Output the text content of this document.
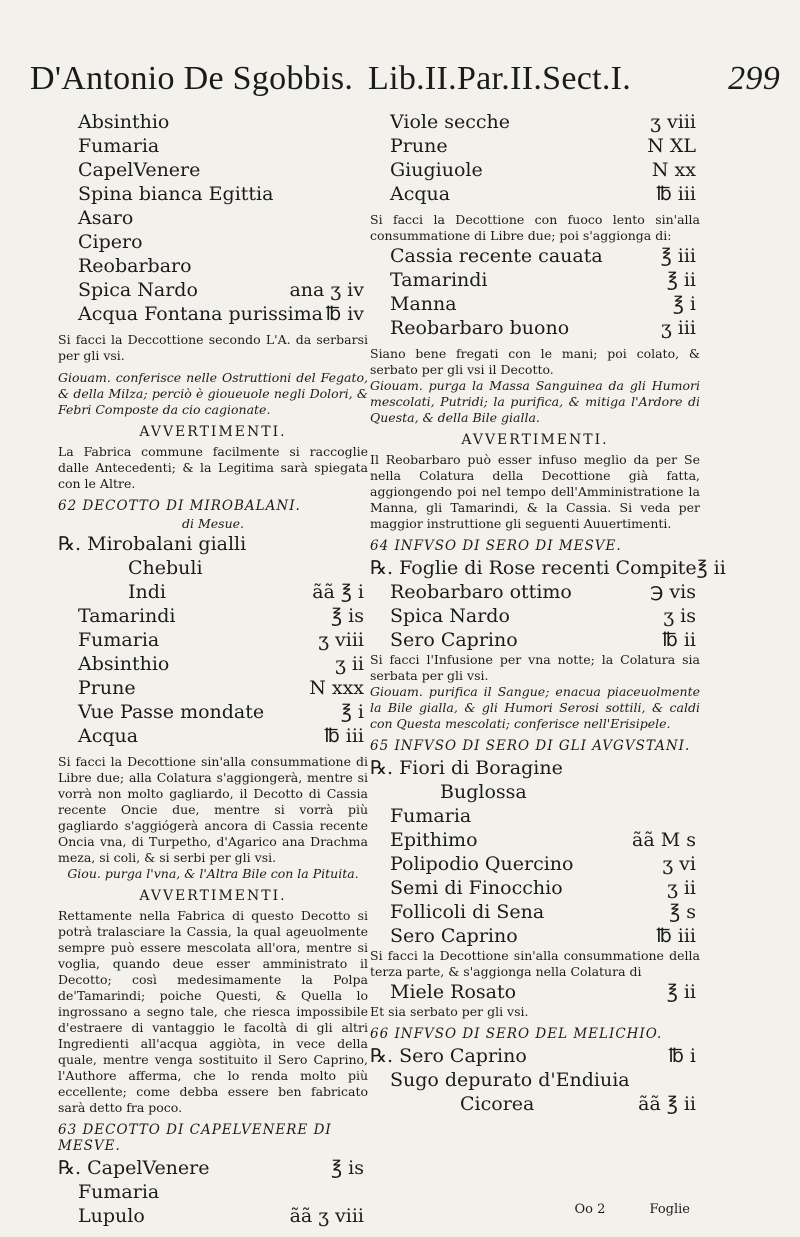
D'Antonio De Sgobbis. Lib.II.Par.II.Sect.I.	299
Absinthio
Fumaria
CapelVenere
Spina bianca Egittia
Asaro
Cipero
Reobarbaro
Spica Nardo	ana ʒ iv
Acqua Fontana purissima ℔ iv
Si facci la Deccottione secondo L'A. da serbarsi per gli vsi.
Giouam. conferisce nelle Ostruttioni del Fegato, & della Milza; perciò è gioueuole negli Dolori, & Febri Composte da cio cagionate.
AVVERTIMENTI.
La Fabrica commune facilmente si raccoglie dalle Antecedenti; & la Legitima sarà spiegata con le Altre.
62 DECOTTO DI MIROBALANI.
di Mesue.
℞. Mirobalani gialli
Chebuli
Indi	ãã ℥ i
Tamarindi	℥ is
Fumaria	ʒ viii
Absinthio	ʒ ii
Prune	N xxx
Vue Passe mondate	℥ i
Acqua	℔ iii
Si facci la Decottione sin'alla consummatione di Libre due; alla Colatura s'aggiongerà, mentre si vorrà non molto gagliardo, il Decotto di Cassia recente Oncie due, mentre si vorrà più gagliardo s'aggiógerà ancora di Cassia recente Oncia vna, di Turpetho, d'Agarico ana Drachma meza, si coli, & si serbi per gli vsi.
Giou. purga l'vna, & l'Altra Bile con la Pituita.
AVVERTIMENTI.
Rettamente nella Fabrica di questo Decotto si potrà tralasciare la Cassia, la qual ageuolmente sempre può essere mescolata all'ora, mentre si voglia, quando deue esser amministrato il Decotto; così medesimamente la Polpa de'Tamarindi; poiche Questi, & Quella lo ingrossano a segno tale, che riesca impossibile d'estraere di vantaggio le facoltà di gli altri Ingredienti all'acqua aggiòta, in vece della quale, mentre venga sostituito il Sero Caprino, l'Authore afferma, che lo renda molto più eccellente; come debba essere ben fabricato sarà detto fra poco.
63 DECOTTO DI CAPELVENERE DI MESVE.
℞. CapelVenere	℥ is
Fumaria
Lupulo	ãã ʒ viii
Viole secche	ʒ viii
Prune	N XL
Giugiuole	N xx
Acqua	℔ iii
Si facci la Decottione con fuoco lento sin'alla consummatione di Libre due; poi s'aggionga di:
Cassia recente cauata	℥ iii
Tamarindi	℥ ii
Manna	℥ i
Reobarbaro buono	ʒ iii
Siano bene fregati con le mani; poi colato, & serbato per gli vsi il Decotto.
Giouam. purga la Massa Sanguinea da gli Humori mescolati, Putridi; la purifica, & mitiga l'Ardore di Questa, & della Bile gialla.
AVVERTIMENTI.
Il Reobarbaro può esser infuso meglio da per Se nella Colatura della Decottione già fatta, aggiongendo poi nel tempo dell'Amministratione la Manna, gli Tamarindi, & la Cassia. Si veda per maggior instruttione gli seguenti Auuertimenti.
64 INFVSO DI SERO DI MESVE.
℞. Foglie di Rose recenti Compite ℥ ii
Reobarbaro ottimo	℈ vis
Spica Nardo	ʒ is
Sero Caprino	℔ ii
Si facci l'Infusione per vna notte; la Colatura sia serbata per gli vsi.
Giouam. purifica il Sangue; enacua piaceuolmente la Bile gialla, & gli Humori Serosi sottili, & caldi con Questa mescolati; conferisce nell'Erisipele.
65 INFVSO DI SERO DI GLI AVGVSTANI.
℞. Fiori di Boragine
Buglossa
Fumaria
Epithimo	ãã M s
Polipodio Quercino	ʒ vi
Semi di Finocchio	ʒ ii
Follicoli di Sena	℥ s
Sero Caprino	℔ iii
Si facci la Decottione sin'alla consummatione della terza parte, & s'aggionga nella Colatura di
Miele Rosato	℥ ii
Et sia serbato per gli vsi.
66 INFVSO DI SERO DEL MELICHIO.
℞. Sero Caprino	℔ i
Sugo depurato d'Endiuia
Cicorea	ãã ℥ ii
Oo 2	Foglie
